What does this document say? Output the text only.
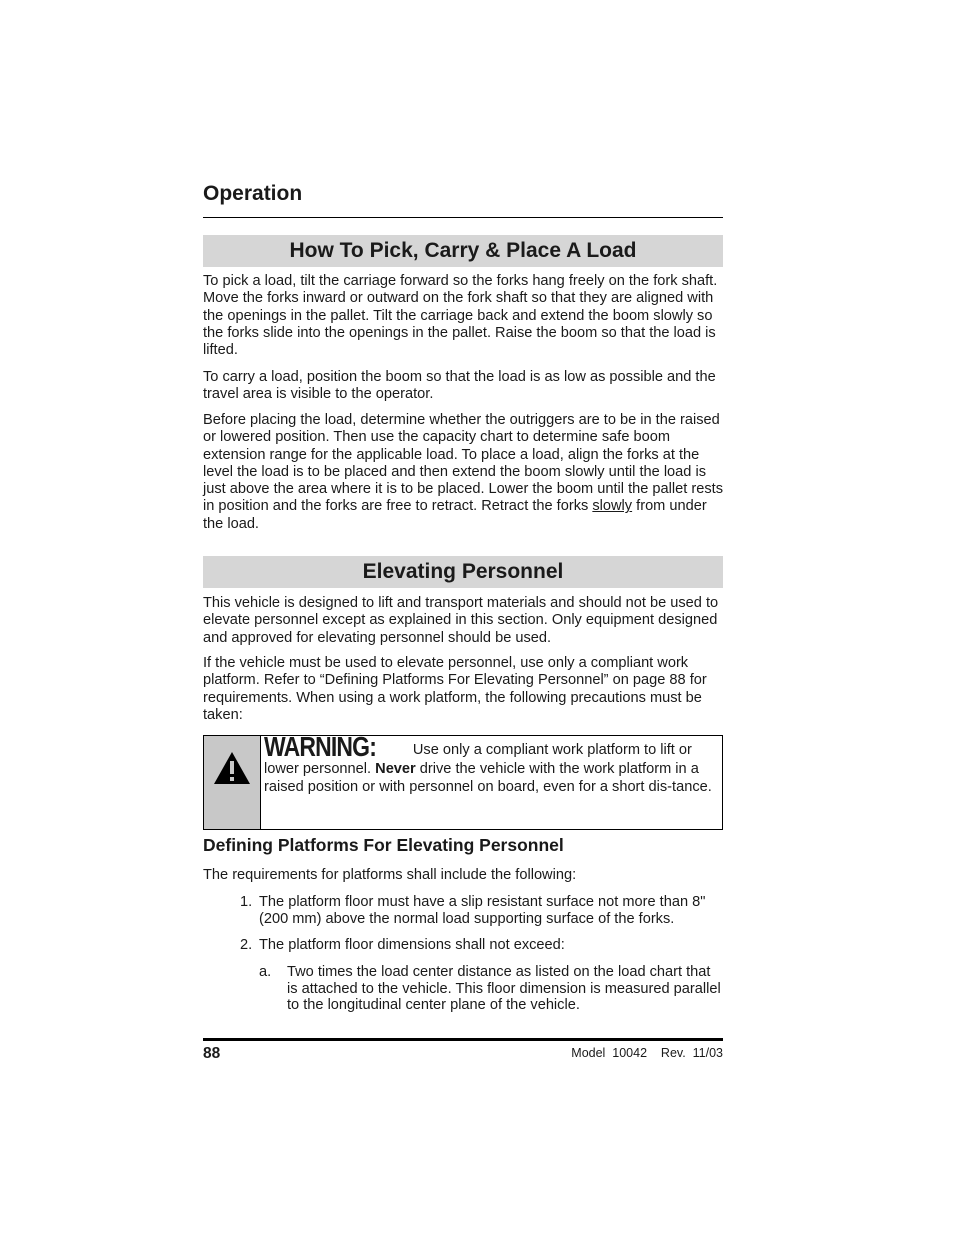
Operation
How To Pick, Carry & Place A Load

To pick a load, tilt the carriage forward so the forks hang freely on the fork shaft. Move the forks inward or outward on the fork shaft so that they are aligned with the openings in the pallet. Tilt the carriage back and extend the boom slowly so the forks slide into the openings in the pallet. Raise the boom so that the load is lifted.

To carry a load, position the boom so that the load is as low as possible and the travel area is visible to the operator.

Before placing the load, determine whether the outriggers are to be in the raised or lowered position. Then use the capacity chart to determine safe boom extension range for the applicable load. To place a load, align the forks at the level the load is to be placed and then extend the boom slowly until the load is just above the area where it is to be placed. Lower the boom until the pallet rests in position and the forks are free to retract. Retract the forks slowly from under the load.

Elevating Personnel

This vehicle is designed to lift and transport materials and should not be used to elevate personnel except as explained in this section. Only equipment designed and approved for elevating personnel should be used.

If the vehicle must be used to elevate personnel, use only a compliant work platform. Refer to “Defining Platforms For Elevating Personnel” on page 88 for requirements. When using a work platform, the following precautions must be taken:

WARNING:	Use only a compliant work platform to lift or lower personnel. Never drive the vehicle with the work platform in a raised position or with personnel on board, even for a short dis-tance.
Defining Platforms For Elevating Personnel

The requirements for platforms shall include the following:

1. The platform floor must have a slip resistant surface not more than 8" (200 mm) above the normal load supporting surface of the forks.
2. The platform floor dimensions shall not exceed:
a. Two times the load center distance as listed on the load chart that is attached to the vehicle. This floor dimension is measured parallel to the longitudinal center plane of the vehicle.
88	Model  10042    Rev.  11/03
